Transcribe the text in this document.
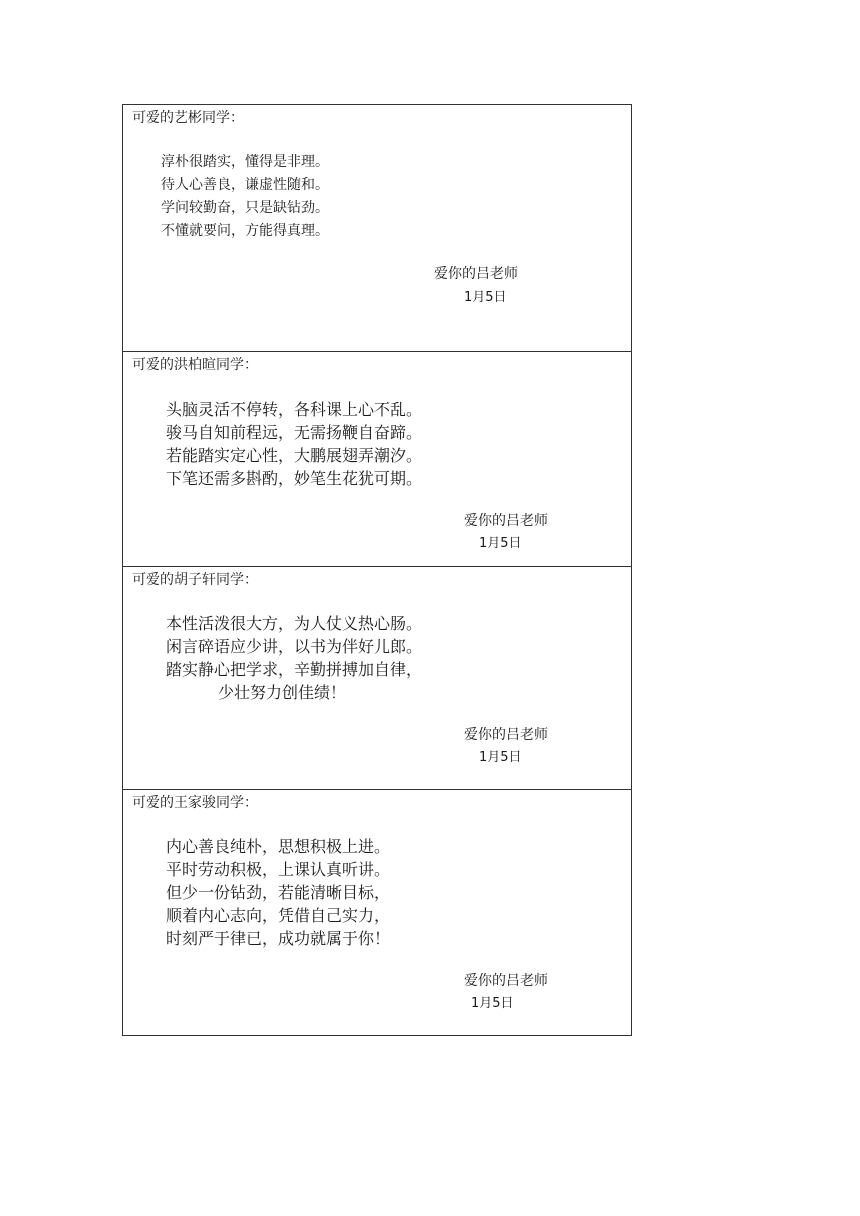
可爱的艺彬同学：
淳朴很踏实，懂得是非理。
待人心善良，谦虚性随和。
学问较勤奋，只是缺钻劲。
不懂就要问，方能得真理。
爱你的吕老师
1月5日
可爱的洪柏暄同学：
头脑灵活不停转，各科课上心不乱。
骏马自知前程远，无需扬鞭自奋蹄。
若能踏实定心性，大鹏展翅弄潮汐。
下笔还需多斟酌，妙笔生花犹可期。
爱你的吕老师
1月5日
可爱的胡子轩同学：
本性活泼很大方，为人仗义热心肠。
闲言碎语应少讲，以书为伴好儿郎。
踏实静心把学求，辛勤拼搏加自律，
少壮努力创佳绩！
爱你的吕老师
1月5日
可爱的王家骏同学：
内心善良纯朴，思想积极上进。
平时劳动积极，上课认真听讲。
但少一份钻劲，若能清晰目标，
顺着内心志向，凭借自己实力，
时刻严于律已，成功就属于你！
爱你的吕老师
1月5日
